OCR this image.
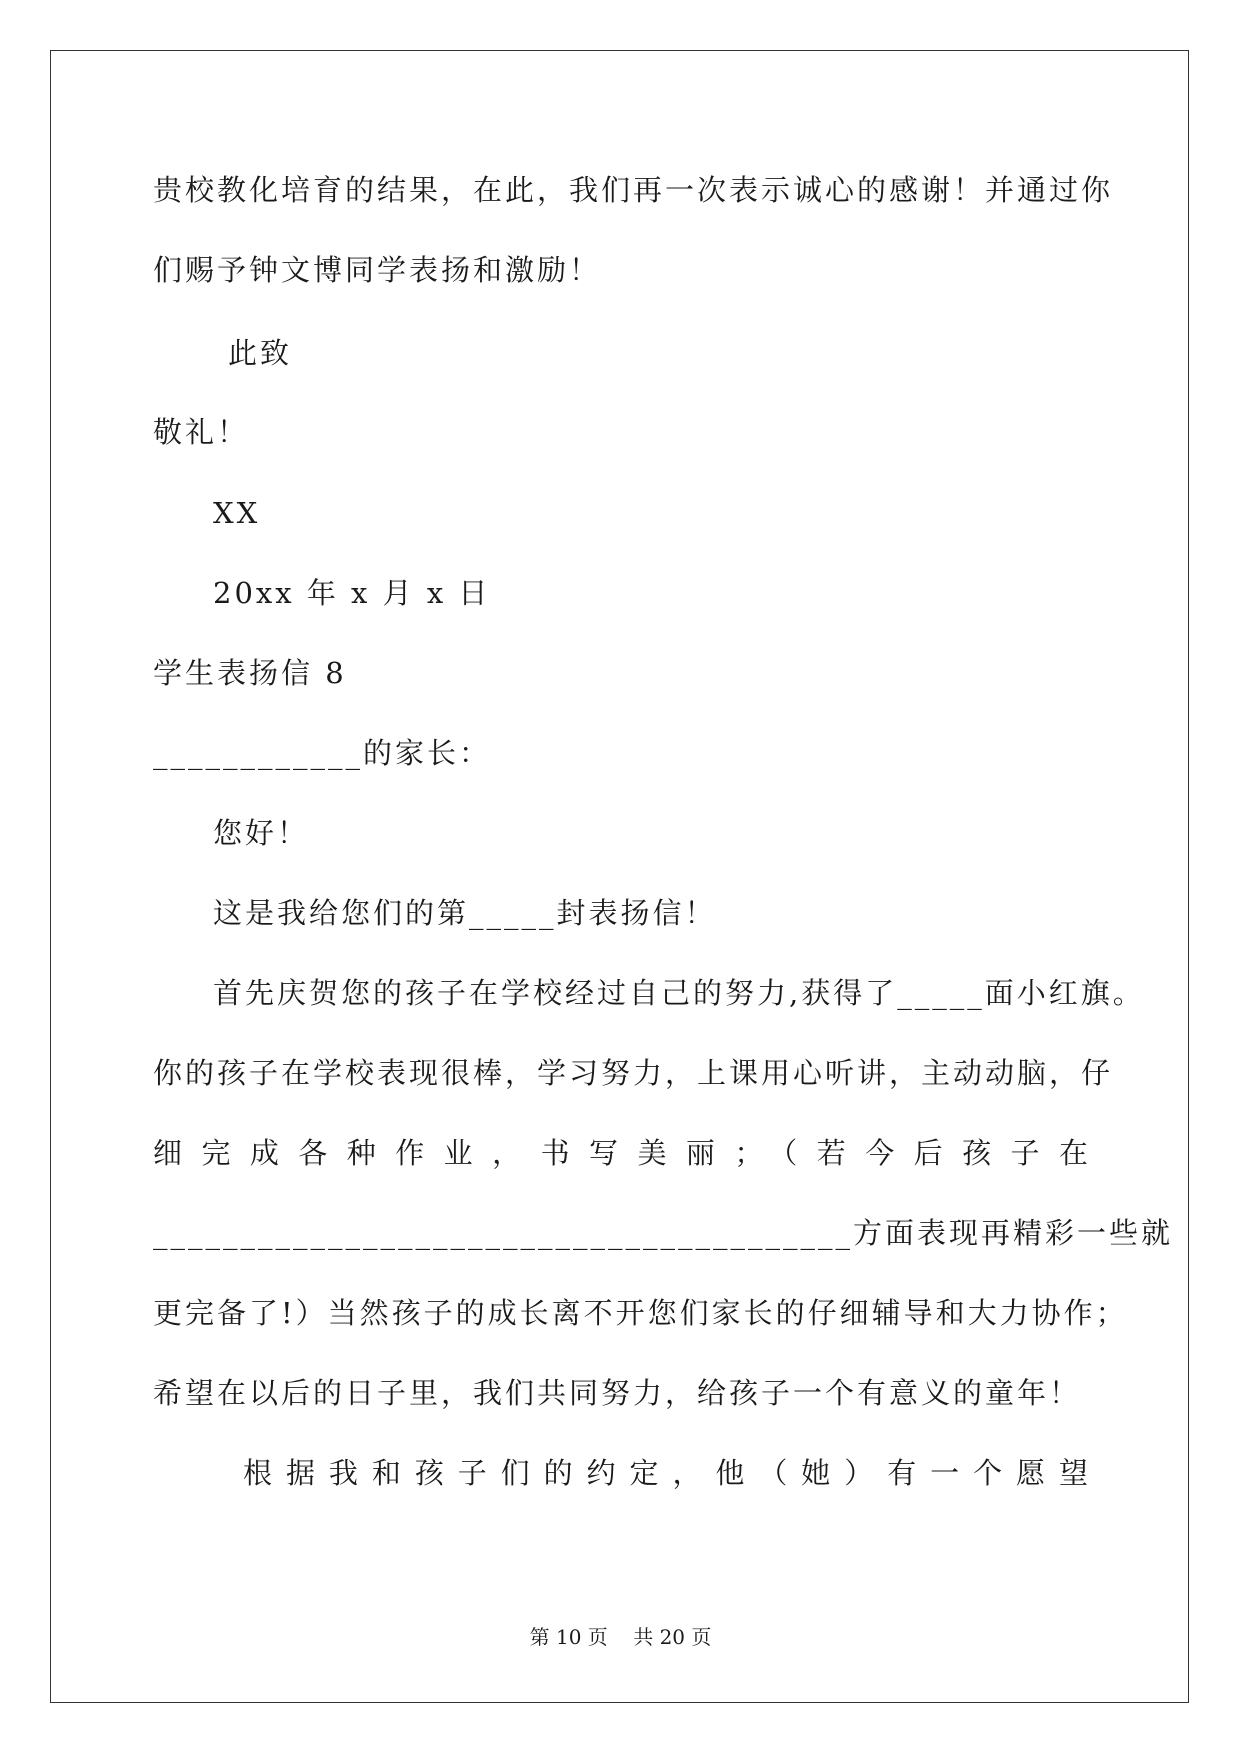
贵校教化培育的结果，在此，我们再一次表示诚心的感谢！并通过你
们赐予钟文博同学表扬和激励！
此致
敬礼！
XX
20xx 年 x 月 x 日
学生表扬信 8
____________的家长：
您好！
这是我给您们的第_____封表扬信！
首先庆贺您的孩子在学校经过自己的努力,获得了_____面小红旗。
你的孩子在学校表现很棒，学习努力，上课用心听讲，主动动脑，仔
细完成各种作业，书写美丽；（若今后孩子在
________________________________________方面表现再精彩一些就
更完备了!）当然孩子的成长离不开您们家长的仔细辅导和大力协作；
希望在以后的日子里，我们共同努力，给孩子一个有意义的童年！
根据我和孩子们的约定，他（她）有一个愿望
第 10 页 共 20 页
